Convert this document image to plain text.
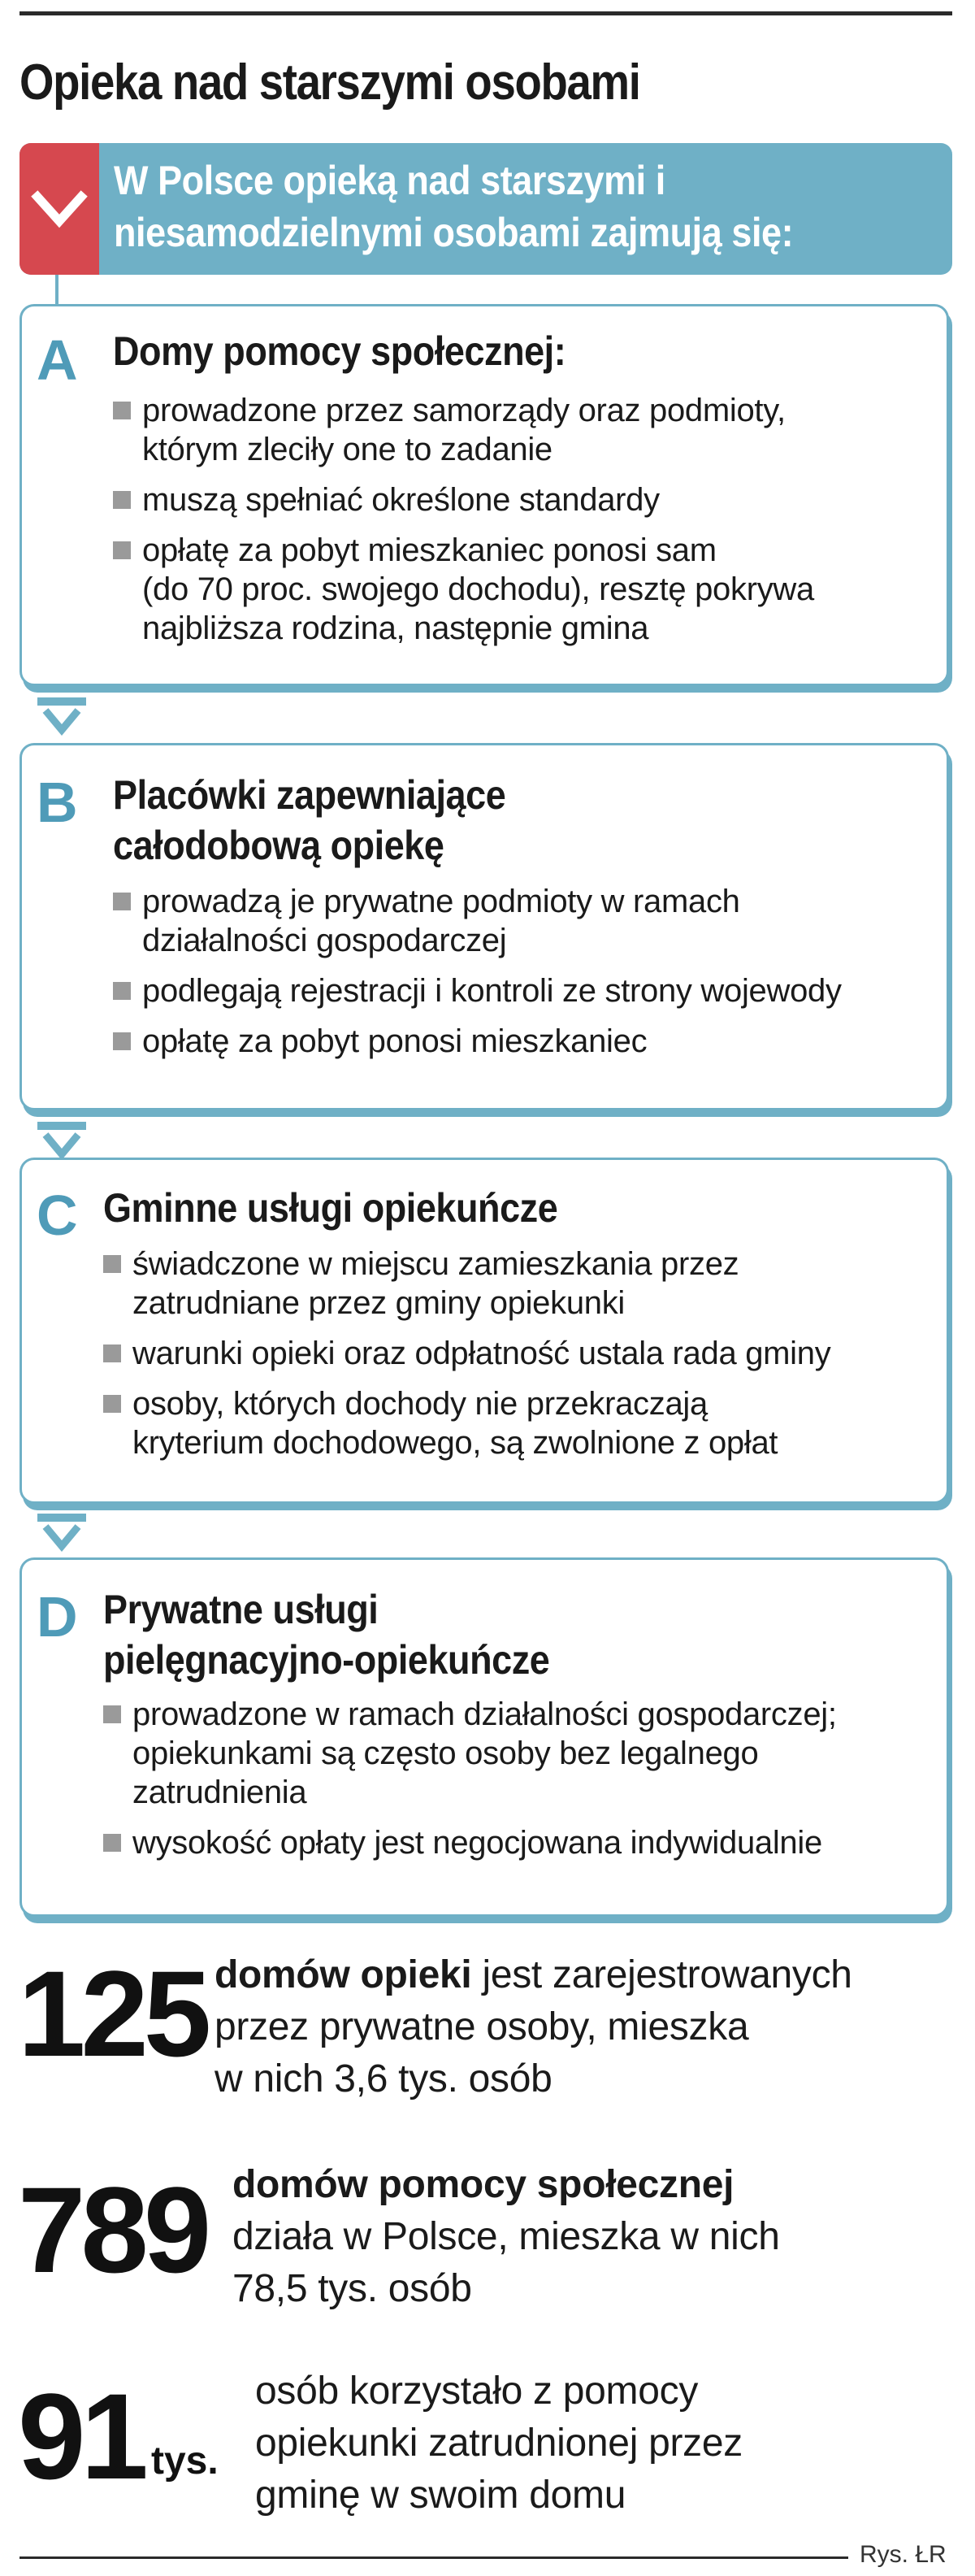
Opieka nad starszymi osobami
W Polsce opieką nad starszymi i niesamodzielnymi osobami zajmują się:
A Domy pomocy społecznej:
prowadzone przez samorządy oraz podmioty,
którym zleciły one to zadanie
muszą spełniać określone standardy
opłatę za pobyt mieszkaniec ponosi sam
(do 70 proc. swojego dochodu), resztę pokrywa
najbliższa rodzina, następnie gmina
B Placówki zapewniające
całodobową opiekę
prowadzą je prywatne podmioty w ramach
działalności gospodarczej
podlegają rejestracji i kontroli ze strony wojewody
opłatę za pobyt ponosi mieszkaniec
C Gminne usługi opiekuńcze
świadczone w miejscu zamieszkania przez
zatrudniane przez gminy opiekunki
warunki opieki oraz odpłatność ustala rada gminy
osoby, których dochody nie przekraczają
kryterium dochodowego, są zwolnione z opłat
D Prywatne usługi
pielęgnacyjno-opiekuńcze
prowadzone w ramach działalności gospodarczej;
opiekunkami są często osoby bez legalnego
zatrudnienia
wysokość opłaty jest negocjowana indywidualnie
125 domów opieki jest zarejestrowanych
przez prywatne osoby, mieszka
w nich 3,6 tys. osób
789 domów pomocy społecznej
działa w Polsce, mieszka w nich
78,5 tys. osób
91 tys.
osób korzystało z pomocy
opiekunki zatrudnionej przez
gminę w swoim domu
Rys. ŁR
